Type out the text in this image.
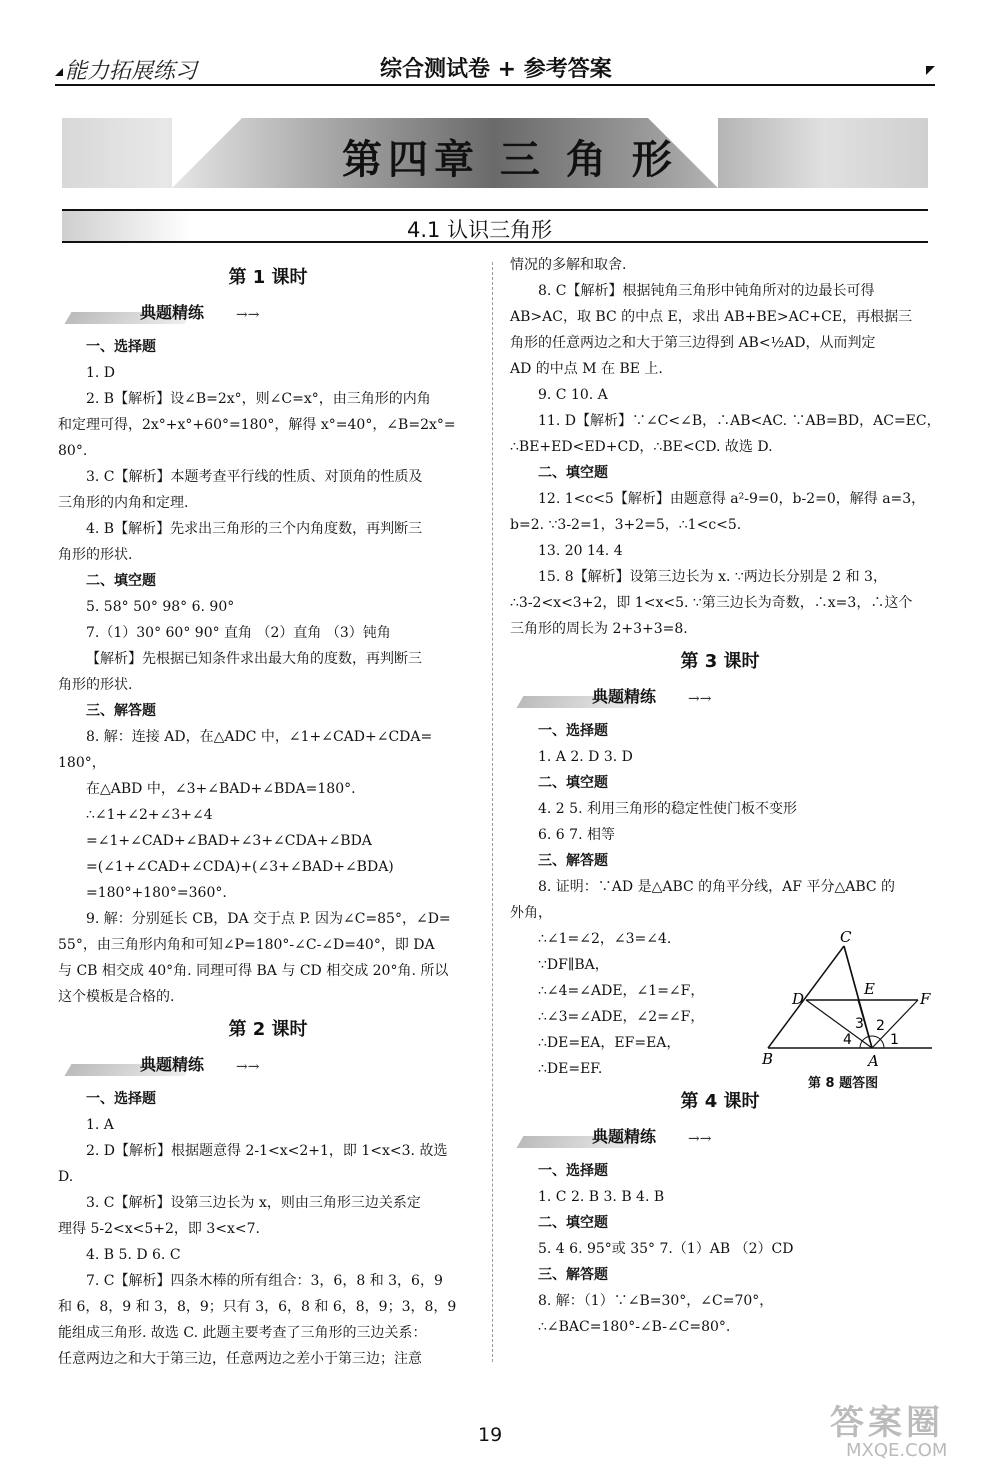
能力拓展练习	综合测试卷 + 参考答案
第四章 三 角 形
4.1 认识三角形
第 1 课时
典题精练 →→
一、选择题
1. D
2. B【解析】设∠B=2x°，则∠C=x°，由三角形的内角
和定理可得，2x°+x°+60°=180°，解得 x°=40°，∠B=2x°=
80°.
3. C【解析】本题考查平行线的性质、对顶角的性质及
三角形的内角和定理.
4. B【解析】先求出三角形的三个内角度数，再判断三
角形的形状.
二、填空题
5. 58° 50° 98° 6. 90°
7.（1）30° 60° 90° 直角 （2）直角 （3）钝角
【解析】先根据已知条件求出最大角的度数，再判断三
角形的形状.
三、解答题
8. 解：连接 AD，在△ADC 中，∠1+∠CAD+∠CDA=
180°，
在△ABD 中，∠3+∠BAD+∠BDA=180°.
∴∠1+∠2+∠3+∠4
=∠1+∠CAD+∠BAD+∠3+∠CDA+∠BDA
=(∠1+∠CAD+∠CDA)+(∠3+∠BAD+∠BDA)
=180°+180°=360°.
9. 解：分别延长 CB，DA 交于点 P. 因为∠C=85°，∠D=
55°，由三角形内角和可知∠P=180°-∠C-∠D=40°，即 DA
与 CB 相交成 40°角. 同理可得 BA 与 CD 相交成 20°角. 所以
这个模板是合格的.
第 2 课时
典题精练 →→
一、选择题
1. A
2. D【解析】根据题意得 2-1<x<2+1，即 1<x<3. 故选
D.
3. C【解析】设第三边长为 x，则由三角形三边关系定
理得 5-2<x<5+2，即 3<x<7.
4. B 5. D 6. C
7. C【解析】四条木棒的所有组合：3，6，8 和 3，6，9
和 6，8，9 和 3，8，9；只有 3，6，8 和 6，8，9；3，8，9
能组成三角形. 故选 C. 此题主要考查了三角形的三边关系：
任意两边之和大于第三边，任意两边之差小于第三边；注意
情况的多解和取舍.
8. C【解析】根据钝角三角形中钝角所对的边最长可得
AB>AC，取 BC 的中点 E，求出 AB+BE>AC+CE，再根据三
角形的任意两边之和大于第三边得到 AB<½AD，从而判定
AD 的中点 M 在 BE 上.
9. C 10. A
11. D【解析】∵∠C<∠B，∴AB<AC. ∵AB=BD，AC=EC，
∴BE+ED<ED+CD，∴BE<CD. 故选 D.
二、填空题
12. 1<c<5【解析】由题意得 a²-9=0，b-2=0，解得 a=3，
b=2. ∵3-2=1，3+2=5，∴1<c<5.
13. 20 14. 4
15. 8【解析】设第三边长为 x. ∵两边长分别是 2 和 3，
∴3-2<x<3+2，即 1<x<5. ∵第三边长为奇数，∴x=3，∴这个
三角形的周长为 2+3+3=8.
第 3 课时
典题精练 →→
一、选择题
1. A 2. D 3. D
二、填空题
4. 2 5. 利用三角形的稳定性使门板不变形
6. 6 7. 相等
三、解答题
8. 证明：∵AD 是△ABC 的角平分线，AF 平分△ABC 的
外角，
∴∠1=∠2，∠3=∠4.
∵DF∥BA，
∴∠4=∠ADE，∠1=∠F，
∴∠3=∠ADE，∠2=∠F，
∴DE=EA，EF=EA，
∴DE=EF.
第 4 课时
典题精练 →→
一、选择题
1. C 2. B 3. B 4. B
二、填空题
5. 4 6. 95°或 35° 7.（1）AB （2）CD
三、解答题
8. 解：（1）∵∠B=30°，∠C=70°，
∴∠BAC=180°-∠B-∠C=80°.
C
D
E
F
B	A
1
2
3
4
第 8 题答图
19	答案圈
MXQE.COM
